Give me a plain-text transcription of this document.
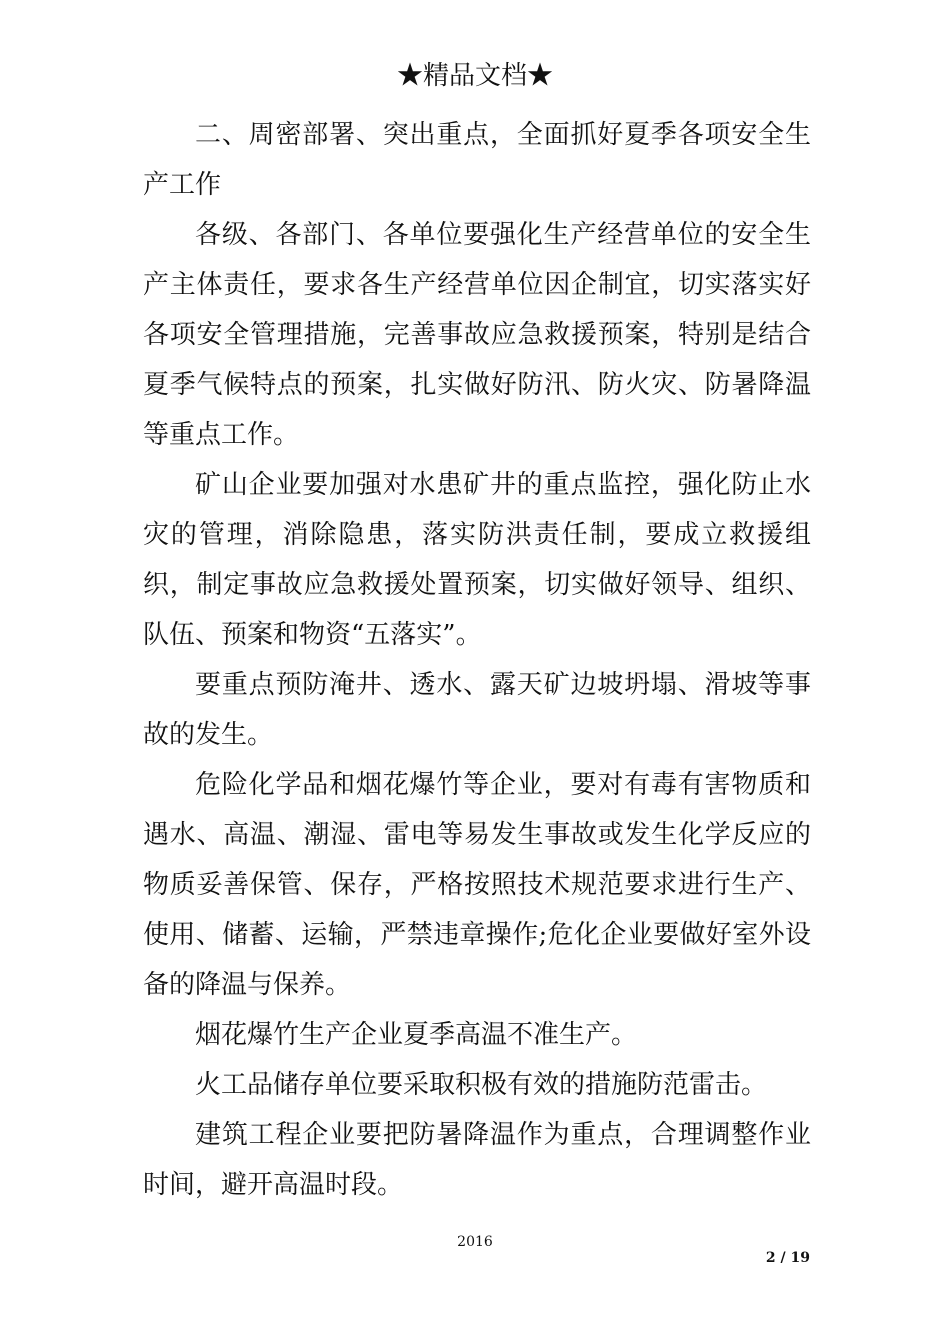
★精品文档★

二、周密部署、突出重点，全面抓好夏季各项安全生产工作

各级、各部门、各单位要强化生产经营单位的安全生产主体责任，要求各生产经营单位因企制宜，切实落实好各项安全管理措施，完善事故应急救援预案，特别是结合夏季气候特点的预案，扎实做好防汛、防火灾、防暑降温等重点工作。

矿山企业要加强对水患矿井的重点监控，强化防止水灾的管理，消除隐患，落实防洪责任制，要成立救援组织，制定事故应急救援处置预案，切实做好领导、组织、队伍、预案和物资“五落实”。

要重点预防淹井、透水、露天矿边坡坍塌、滑坡等事故的发生。

危险化学品和烟花爆竹等企业，要对有毒有害物质和遇水、高温、潮湿、雷电等易发生事故或发生化学反应的物质妥善保管、保存，严格按照技术规范要求进行生产、使用、储蓄、运输，严禁违章操作;危化企业要做好室外设备的降温与保养。

烟花爆竹生产企业夏季高温不准生产。

火工品储存单位要采取积极有效的措施防范雷击。

建筑工程企业要把防暑降温作为重点，合理调整作业时间，避开高温时段。

2016
2 / 19
